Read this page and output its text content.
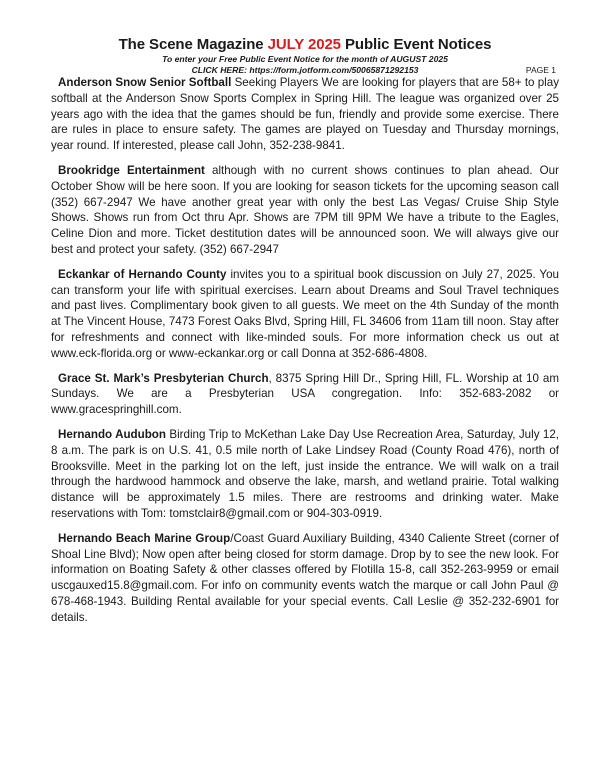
The Scene Magazine JULY 2025 Public Event Notices

To enter your Free Public Event Notice for the month of AUGUST 2025

CLICK HERE: https://form.jotform.com/50065871292153	PAGE 1

Anderson Snow Senior Softball Seeking Players We are looking for players that are 58+ to play softball at the Anderson Snow Sports Complex in Spring Hill. The league was organized over 25 years ago with the idea that the games should be fun, friendly and provide some exercise. There are rules in place to ensure safety. The games are played on Tuesday and Thursday mornings, year round. If interested, please call John, 352-238-9841.

Brookridge Entertainment although with no current shows continues to plan ahead. Our October Show will be here soon. If you are looking for season tickets for the upcoming season call (352) 667-2947 We have another great year with only the best Las Vegas/ Cruise Ship Style Shows. Shows run from Oct thru Apr. Shows are 7PM till 9PM We have a tribute to the Eagles, Celine Dion and more. Ticket destitution dates will be announced soon. We will always give our best and protect your safety. (352) 667-2947

Eckankar of Hernando County invites you to a spiritual book discussion on July 27, 2025. You can transform your life with spiritual exercises. Learn about Dreams and Soul Travel techniques and past lives. Complimentary book given to all guests. We meet on the 4th Sunday of the month at The Vincent House, 7473 Forest Oaks Blvd, Spring Hill, FL 34606 from 11am till noon. Stay after for refreshments and connect with like-minded souls. For more information check us out at www.eck-florida.org or www-eckankar.org or call Donna at 352-686-4808.

Grace St. Mark’s Presbyterian Church, 8375 Spring Hill Dr., Spring Hill, FL. Worship at 10 am Sundays. We are a Presbyterian USA congregation. Info: 352-683-2082 or www.gracespringhill.com.

Hernando Audubon Birding Trip to McKethan Lake Day Use Recreation Area, Saturday, July 12, 8 a.m. The park is on U.S. 41, 0.5 mile north of Lake Lindsey Road (County Road 476), north of Brooksville. Meet in the parking lot on the left, just inside the entrance. We will walk on a trail through the hardwood hammock and observe the lake, marsh, and wetland prairie. Total walking distance will be approximately 1.5 miles. There are restrooms and drinking water. Make reservations with Tom: tomstclair8@gmail.com or 904-303-0919.

Hernando Beach Marine Group/Coast Guard Auxiliary Building, 4340 Caliente Street (corner of Shoal Line Blvd); Now open after being closed for storm damage. Drop by to see the new look. For information on Boating Safety & other classes offered by Flotilla 15-8, call 352-263-9959 or email uscgauxed15.8@gmail.com. For info on community events watch the marque or call John Paul @ 678-468-1943. Building Rental available for your special events. Call Leslie @ 352-232-6901 for details.
